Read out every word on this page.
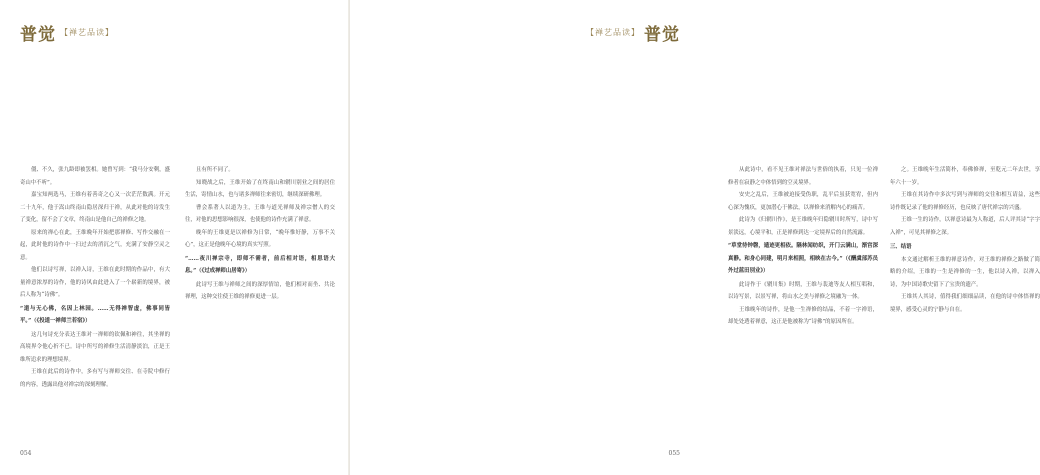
普觉 【禅艺品读】

僵、不久，张九龄即被罢相。她曾写到：“我马分安剩，盛奇山中不听”。

嘉宝知两选马，王维有着善奇之心又一次茫茫数满。开元二十九年，他于嵩山终南山隐居深归于禅，从此对他的诗发生了变化，留不会了文章，终南山是他自己的禅修之地。

原来的禅心在此，王维晚年开始把那禅修、写作交融在一起，此时他的诗作中一扫过去的消沉之气，充满了安静空灵之意。

他们以诗写禅，以禅入诗，王维在此时期的作品中，有大量禅意浓厚的诗作，他的诗风由此进入了一个崭新的境界，被后人称为“诗佛”。

“道与无心佛，名因上林园。……无得禅智虚，佛事同皆平。”（《投道一禅师兰若宿》）

这几句诗充分表达王维对一禅师的钦佩和神往，其坐禅的高境界令他心折不已。诗中所写的禅修生活清静淡泊，正是王维所追求的理想境界。

王维在此后的诗作中，多有写与禅师交往、在寺院中修行的内容，透露出他对禅宗的深刻理解。

且有所不同了。

知晓战之后，王维开始了在终南山和辋川别业之间的居住生活，寄情山水，也与诸多禅师往来密切，继续深研佛理。

曹会系著人以道为主，王维与道光禅师及禅宗僧人的交往，对他的思想影响很深，也使他的诗作充满了禅意。

晚年的王维更是以禅修为日常，“晚年惟好静，万事不关心”，这正是他晚年心境的真实写照。

“……夜川禅宗寺，即师不需者，前后相对语，相思语大息。”（《过成禅师山居寄》）

此诗写王维与禅师之间的深厚情谊，他们相对而坐、共论禅理，这种交往使王维的禅修更进一层。

054
【禅艺品读】 普觉

从此诗中，看不见王维对禅法与世俗的执着，只见一位禅修者在寂静之中体悟到的空灵境界。

安史之乱后，王维被迫接受伪职，乱平后虽获宽宥，但内心深为愧疚，更加潜心于佛法，以禅修来消解内心的痛苦。

此诗为《归辋川作》，是王维晚年归隐辋川时所写，诗中写景淡远，心境平和，正是禅修到达一定境界后的自然流露。

“草堂待钟磬，遁迹更相依。隔林闻纺织，开门云满山，渐宫深真静。和身心同建，明月来相照，相映在古今。”（《酬虞部苏员外过蓝田别业》）

此诗作于《辋川集》时期，王维与裴迪等友人相互唱和，以诗写景，以景写禅，将山水之美与禅修之境融为一体。

王维晚年的诗作，是他一生禅修的结晶，不着一字禅语，却处处透着禅意，这正是他被称为“诗佛”的原因所在。

之。王维晚年生活简朴，奉佛修禅，至乾元二年去世，享年六十一岁。

王维在其诗作中多次写到与禅师的交往和相互请益，这些诗作既记录了他的禅修经历，也反映了唐代禅宗的兴盛。

王维一生的诗作，以禅意诗最为人称道，后人评其诗“字字入禅”，可见其禅修之深。

三、结语

本文通过解析王维的禅意诗作，对王维的禅修之路做了简略的介绍，王维的一生是禅修的一生，他以诗入禅，以禅入诗，为中国诗歌史留下了宝贵的遗产。

王维其人其诗，值得我们细细品读，在他的诗中体悟禅的境界，感受心灵的宁静与自在。

055
